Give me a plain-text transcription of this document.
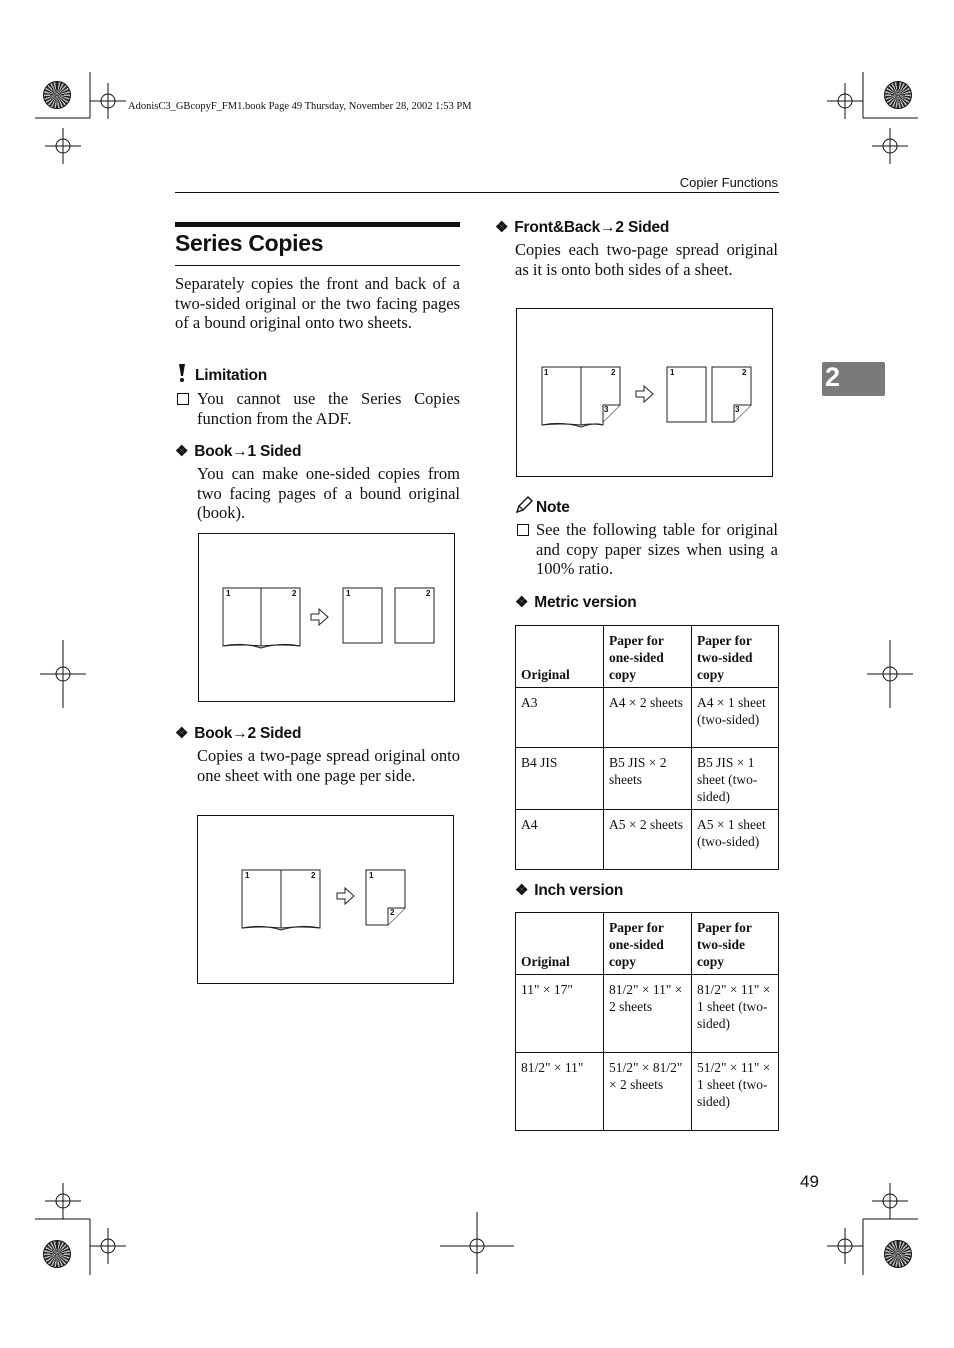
AdonisC3_GBcopyF_FM1.book Page 49 Thursday, November 28, 2002 1:53 PM
Copier Functions
2
Series Copies
Separately copies the front and back of a two-sided original or the two facing pages of a bound original onto two sheets.
Limitation
You cannot use the Series Copies function from the ADF.
❖ Book→1 Sided
You can make one-sided copies from two facing pages of a bound original (book).
1	2	1	2
❖ Book→2 Sided
Copies a two-page spread original onto one sheet with one page per side.
1	2	1
2
❖ Front&Back→2 Sided
Copies each two-page spread original as it is onto both sides of a sheet.
1	2
3
1	2
3
Note
See the following table for original and copy paper sizes when using a 100% ratio.
❖ Metric version
Original	Paper for one-sided copy	Paper for two-sided copy
A3	A4 × 2 sheets	A4 × 1 sheet (two-sided)
B4 JIS	B5 JIS × 2 sheets	B5 JIS × 1 sheet (two-sided)
A4	A5 × 2 sheets	A5 × 1 sheet (two-sided)
❖ Inch version
Original	Paper for one-sided copy	Paper for two-side copy
11" × 17"	81/2" × 11" × 2 sheets	81/2" × 11" × 1 sheet (two-sided)
81/2" × 11"	51/2" × 81/2" × 2 sheets	51/2" × 11" × 1 sheet (two-sided)
49
